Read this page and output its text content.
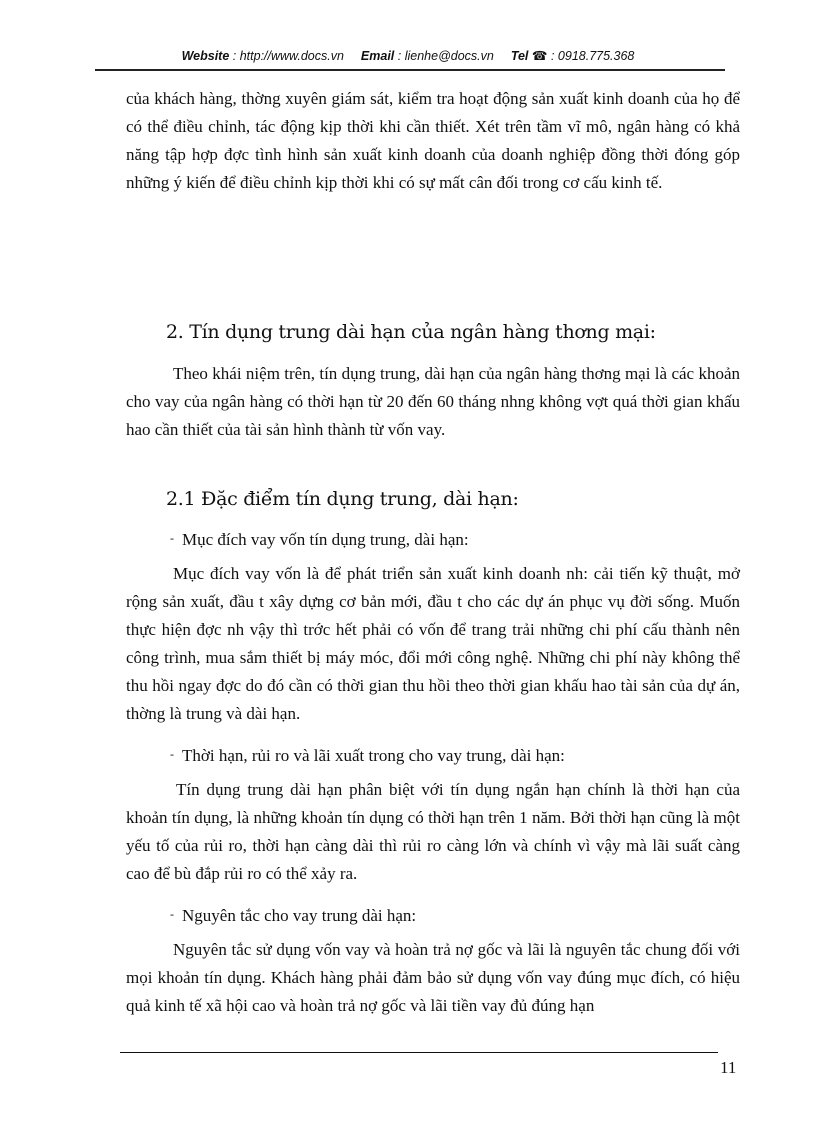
Website : http://www.docs.vn Email : lienhe@docs.vn Tel ☎ : 0918.775.368

của khách hàng, thờng xuyên giám sát, kiểm tra hoạt động sản xuất kinh doanh của họ để có thể điều chỉnh, tác động kịp thời khi cần thiết. Xét trên tầm vĩ mô, ngân hàng có khả năng tập hợp đợc tình hình sản xuất kinh doanh của doanh nghiệp đồng thời đóng góp những ý kiến để điều chỉnh kịp thời khi có sự mất cân đối trong cơ cấu kinh tế.

2. Tín dụng trung dài hạn của ngân hàng thơng mại:

Theo khái niệm trên, tín dụng trung, dài hạn của ngân hàng thơng mại là các khoản cho vay của ngân hàng có thời hạn từ 20 đến 60 tháng nhng không vợt quá thời gian khấu hao cần thiết của tài sản hình thành từ vốn vay.

2.1 Đặc điểm tín dụng trung, dài hạn:
- Mục đích vay vốn tín dụng trung, dài hạn:

Mục đích vay vốn là để phát triển sản xuất kinh doanh nh: cải tiến kỹ thuật, mở rộng sản xuất, đầu t xây dựng cơ bản mới, đầu t cho các dự án phục vụ đời sống. Muốn thực hiện đợc nh vậy thì trớc hết phải có vốn để trang trải những chi phí cấu thành nên công trình, mua sắm thiết bị máy móc, đổi mới công nghệ. Những chi phí này không thể thu hồi ngay đợc do đó cần có thời gian thu hồi theo thời gian khấu hao tài sản của dự án, thờng là trung và dài hạn.

- Thời hạn, rủi ro và lãi xuất trong cho vay trung, dài hạn:

Tín dụng trung dài hạn phân biệt với tín dụng ngắn hạn chính là thời hạn của khoản tín dụng, là những khoản tín dụng có thời hạn trên 1 năm. Bởi thời hạn cũng là một yếu tố của rủi ro, thời hạn càng dài thì rủi ro càng lớn và chính vì vậy mà lãi suất càng cao để bù đắp rủi ro có thể xảy ra.

- Nguyên tắc cho vay trung dài hạn:

Nguyên tắc sử dụng vốn vay và hoàn trả nợ gốc và lãi là nguyên tắc chung đối với mọi khoản tín dụng. Khách hàng phải đảm bảo sử dụng vốn vay đúng mục đích, có hiệu quả kinh tế xã hội cao và hoàn trả nợ gốc và lãi tiền vay đủ đúng hạn

11
